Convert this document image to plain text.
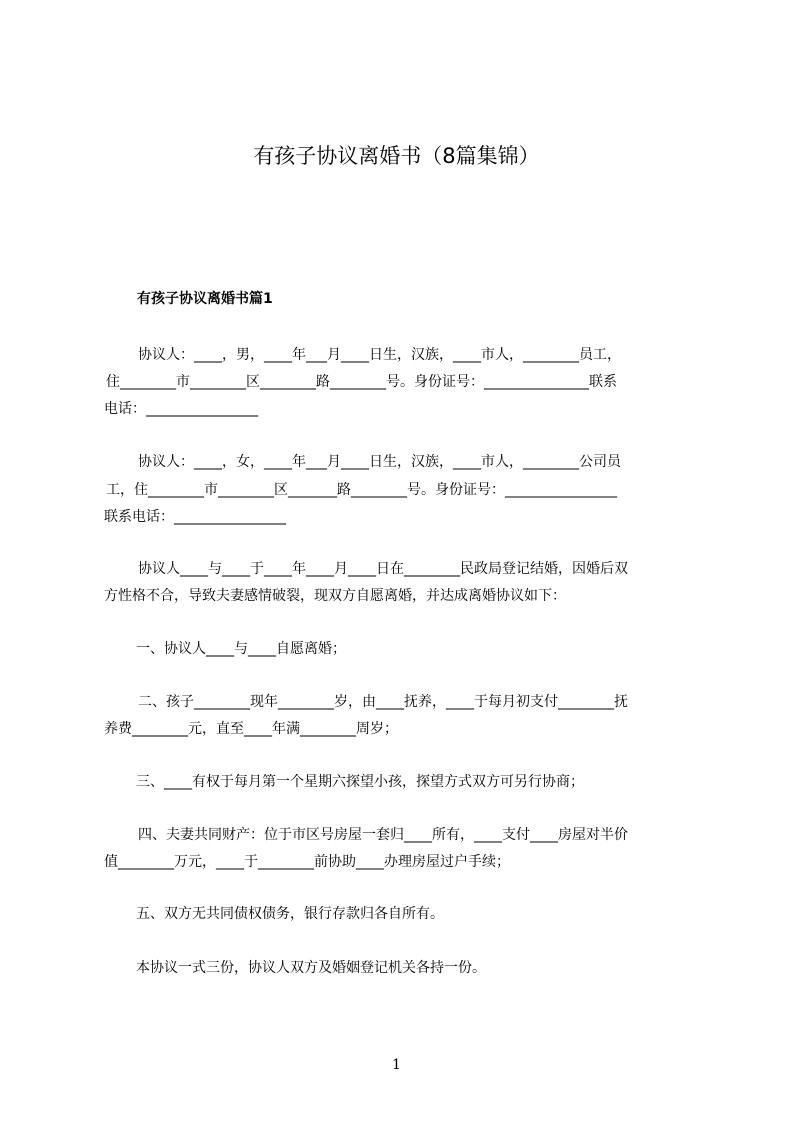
有孩子协议离婚书（8篇集锦）
有孩子协议离婚书篇1
协议人：____，男，____年___月____日生，汉族，____市人，________员工，
住________市________区________路________号。身份证号：_______________联系
电话：________________
协议人：____，女，____年___月____日生，汉族，____市人，________公司员
工，住________市________区_______路________号。身份证号：________________
联系电话：________________
协议人____与____于____年____月____日在________民政局登记结婚，因婚后双
方性格不合，导致夫妻感情破裂，现双方自愿离婚，并达成离婚协议如下：
一、协议人____与____自愿离婚；
二、孩子________现年________岁，由____抚养，____于每月初支付________抚
养费________元，直至____年满________周岁；
三、____有权于每月第一个星期六探望小孩，探望方式双方可另行协商；
四、夫妻共同财产：位于市区号房屋一套归____所有，____支付____房屋对半价
值________万元，____于________前协助____办理房屋过户手续；
五、双方无共同债权债务，银行存款归各自所有。
本协议一式三份，协议人双方及婚姻登记机关各持一份。
1
